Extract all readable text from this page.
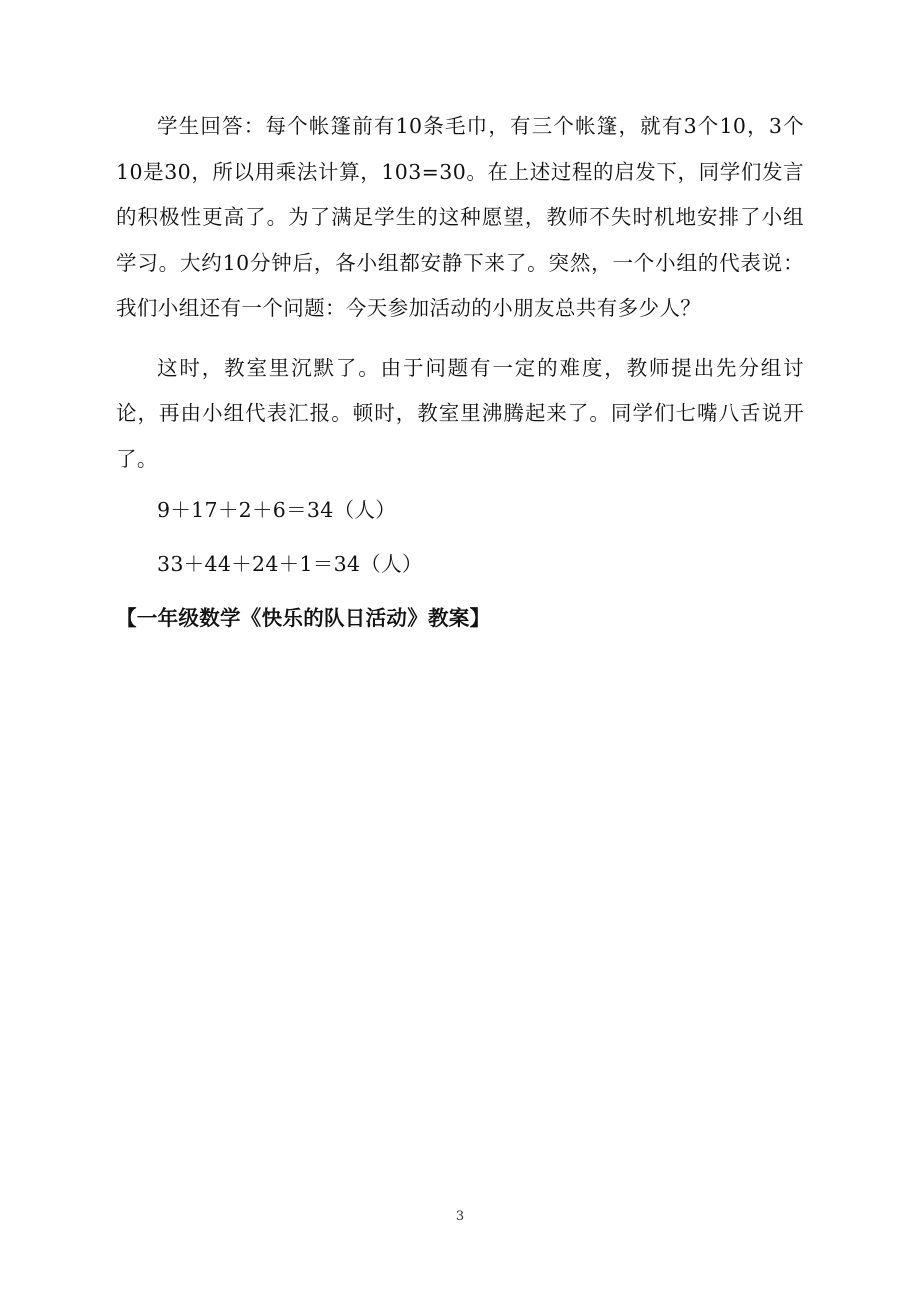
学生回答：每个帐篷前有10条毛巾，有三个帐篷，就有3个10，3个10是30，所以用乘法计算，103=30。在上述过程的启发下，同学们发言的积极性更高了。为了满足学生的这种愿望，教师不失时机地安排了小组学习。大约10分钟后，各小组都安静下来了。突然，一个小组的代表说：我们小组还有一个问题：今天参加活动的小朋友总共有多少人？

这时，教室里沉默了。由于问题有一定的难度，教师提出先分组讨论，再由小组代表汇报。顿时，教室里沸腾起来了。同学们七嘴八舌说开了。

9＋17＋2＋6＝34（人）

33＋44＋24＋1＝34（人）

【一年级数学《快乐的队日活动》教案】

3
